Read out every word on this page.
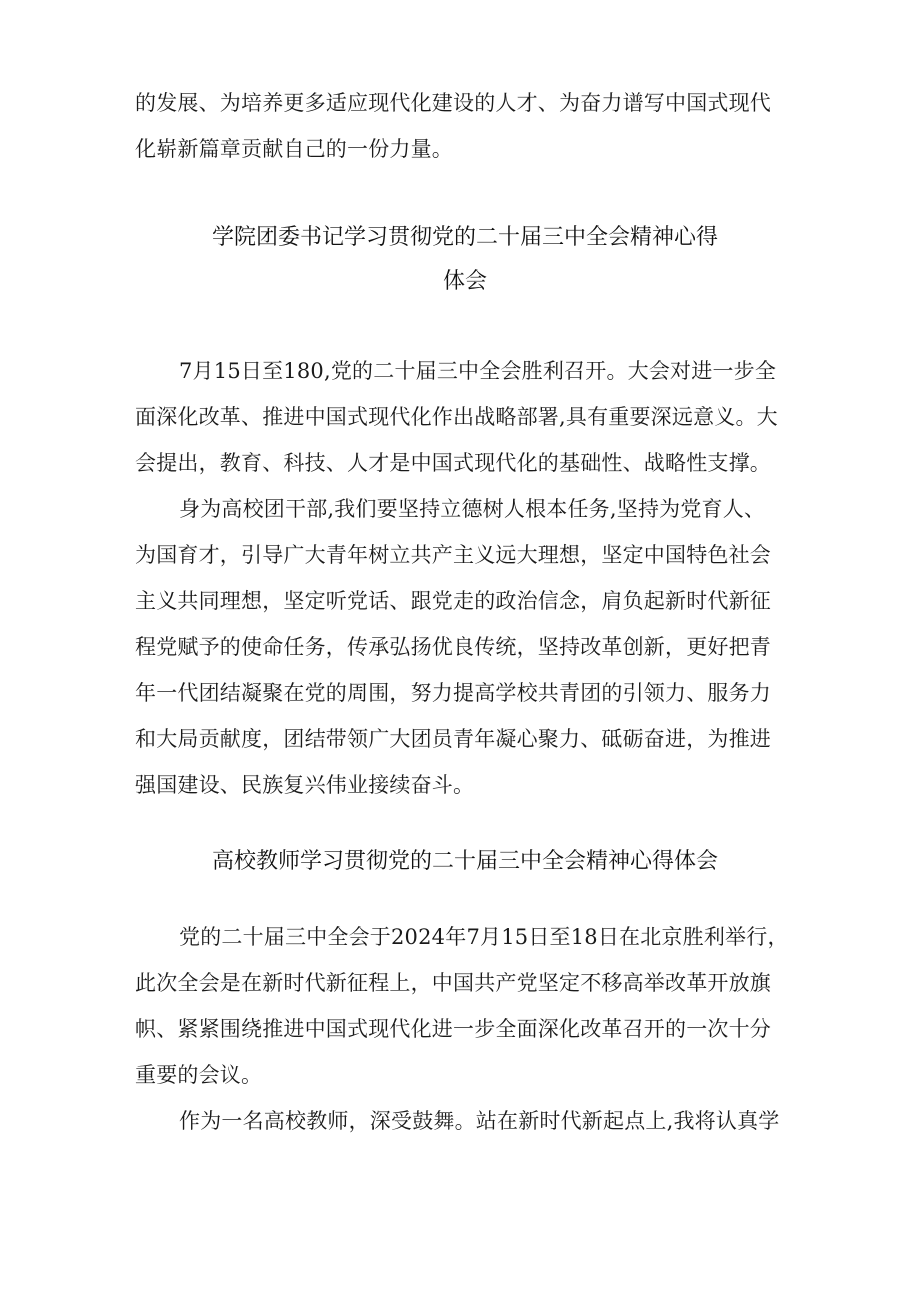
的发展、为培养更多适应现代化建设的人才、为奋力谱写中国式现代
化崭新篇章贡献自己的一份力量。
学院团委书记学习贯彻党的二十届三中全会精神心得
体会
7月15日至180,党的二十届三中全会胜利召开。大会对进一步全
面深化改革、推进中国式现代化作出战略部署,具有重要深远意义。大
会提出，教育、科技、人才是中国式现代化的基础性、战略性支撑。
身为高校团干部,我们要坚持立德树人根本任务,坚持为党育人、
为国育才，引导广大青年树立共产主义远大理想，坚定中国特色社会
主义共同理想，坚定听党话、跟党走的政治信念，肩负起新时代新征
程党赋予的使命任务，传承弘扬优良传统，坚持改革创新，更好把青
年一代团结凝聚在党的周围，努力提高学校共青团的引领力、服务力
和大局贡献度，团结带领广大团员青年凝心聚力、砥砺奋进，为推进
强国建设、民族复兴伟业接续奋斗。
高校教师学习贯彻党的二十届三中全会精神心得体会
党的二十届三中全会于2024年7月15日至18日在北京胜利举行，
此次全会是在新时代新征程上，中国共产党坚定不移高举改革开放旗
帜、紧紧围绕推进中国式现代化进一步全面深化改革召开的一次十分
重要的会议。
作为一名高校教师，深受鼓舞。站在新时代新起点上,我将认真学
